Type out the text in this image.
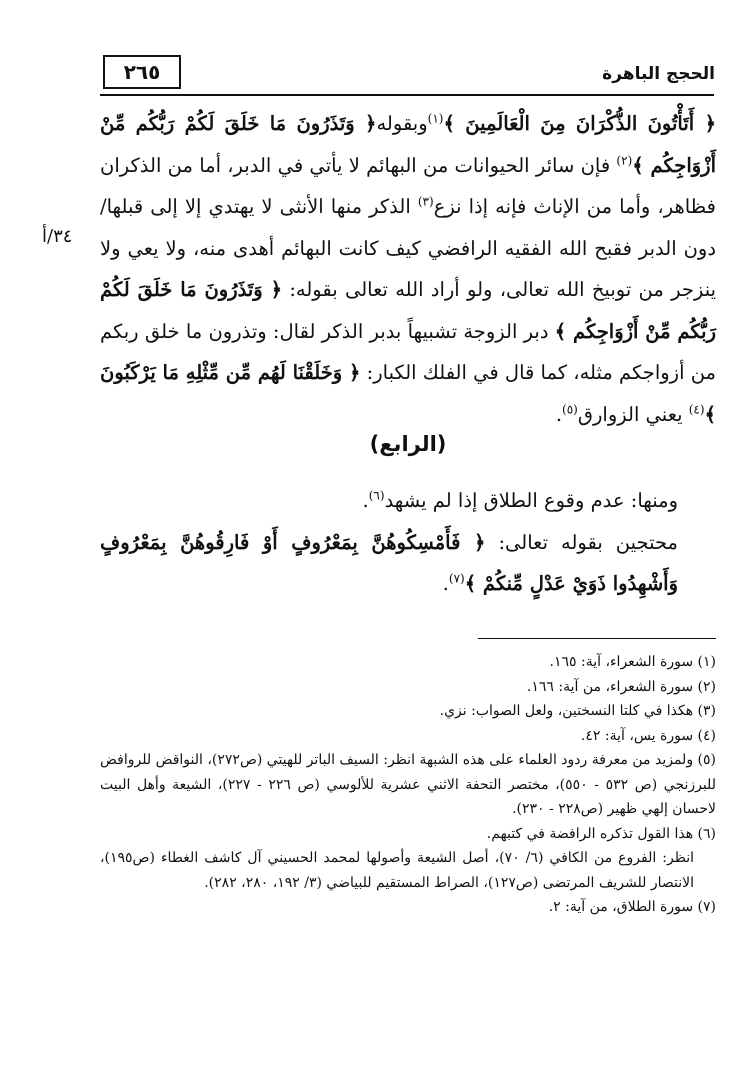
٢٦٥	الحجج الباهرة
٣٤/أ

﴿ أَتَأْتُونَ الذُّكْرَانَ مِنَ الْعَالَمِينَ ﴾$^{(١)}$وبقوله﴿ وَتَذَرُونَ مَا خَلَقَ لَكُمْ رَبُّكُم مِّنْ أَزْوَاجِكُم ﴾$^{(٢)}$ فإن سائر الحيوانات من البهائم لا يأتي في الدبر، أما من الذكران فظاهر، وأما من الإناث فإنه إذا نزع$^{(٣)}$ الذكر منها الأنثى لا يهتدي إلا إلى قبلها/ دون الدبر فقبح الله الفقيه الرافضي كيف كانت البهائم أهدى منه، ولا يعي ولا ينزجر من توبيخ الله تعالى، ولو أراد الله تعالى بقوله: ﴿ وَتَذَرُونَ مَا خَلَقَ لَكُمْ رَبُّكُم مِّنْ أَزْوَاجِكُم ﴾ دبر الزوجة تشبيهاً بدبر الذكر لقال: وتذرون ما خلق ربكم من أزواجكم مثله، كما قال في الفلك الكبار: ﴿ وَخَلَقْنَا لَهُم مِّن مِّثْلِهِ مَا يَرْكَبُونَ ﴾$^{(٤)}$ يعني الزوارق$^{(٥)}$.

(الرابع)

ومنها: عدم وقوع الطلاق إذا لم يشهد$^{(٦)}$.

محتجين بقوله تعالى: ﴿ فَأَمْسِكُوهُنَّ بِمَعْرُوفٍ أَوْ فَارِقُوهُنَّ بِمَعْرُوفٍ وَأَشْهِدُوا ذَوَيْ عَدْلٍ مِّنكُمْ ﴾$^{(٧)}$.

(١) سورة الشعراء، آية: ١٦٥.

(٢) سورة الشعراء، من آية: ١٦٦.

(٣) هكذا في كلتا النسختين، ولعل الصواب: نزي.

(٤) سورة يس، آية: ٤٢.

(٥) ولمزيد من معرفة ردود العلماء على هذه الشبهة انظر: السيف الباتر للهيتي (ص٢٧٢)، النواقض للروافض للبرزنجي (ص ٥٣٢ - ٥٥٠)، مختصر التحفة الاثني عشرية للألوسي (ص ٢٢٦ - ٢٢٧)، الشيعة وأهل البيت لاحسان إلهي ظهير (ص٢٢٨ - ٢٣٠).

(٦) هذا القول تذكره الرافضة في كتبهم.

انظر: الفروع من الكافي (٦/ ٧٠)، أصل الشيعة وأصولها لمحمد الحسيني آل كاشف الغطاء (ص١٩٥)، الانتصار للشريف المرتضى (ص١٢٧)، الصراط المستقيم للبياضي (٣/ ١٩٢، ٢٨٠، ٢٨٢).

(٧) سورة الطلاق، من آية: ٢.
